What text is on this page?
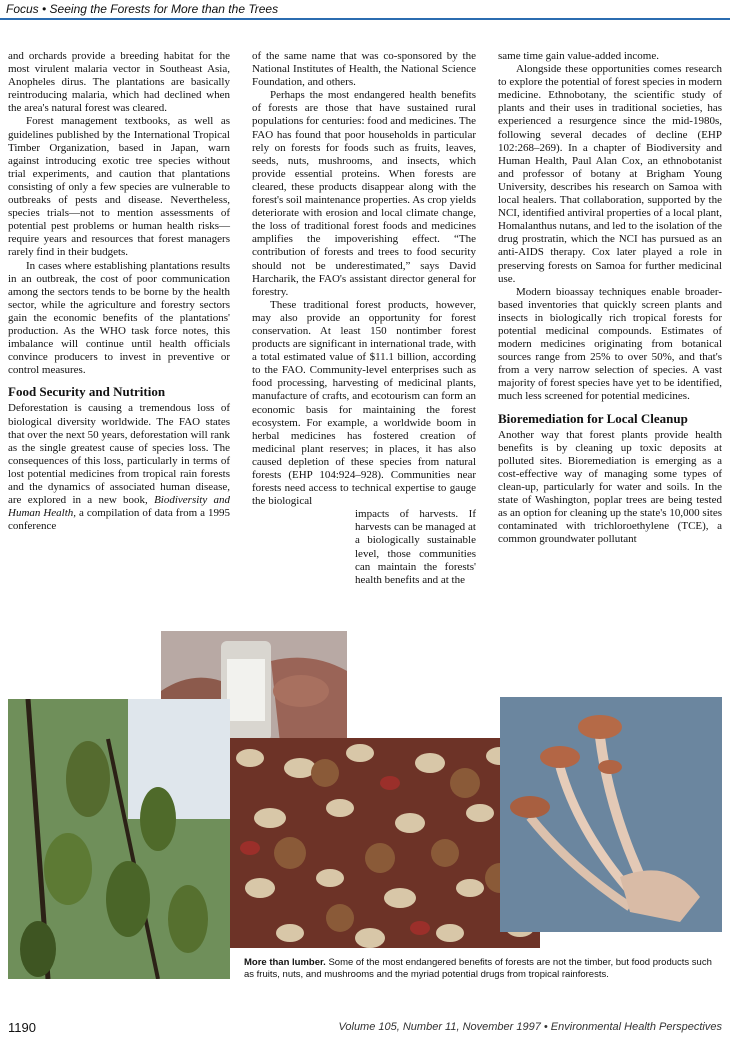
Focus • Seeing the Forests for More than the Trees

and orchards provide a breeding habitat for the most virulent malaria vector in Southeast Asia, Anopheles dirus. The plantations are basically reintroducing malaria, which had declined when the area's natural forest was cleared.

Forest management textbooks, as well as guidelines published by the International Tropical Timber Organization, based in Japan, warn against introducing exotic tree species without trial experiments, and caution that plantations consisting of only a few species are vulnerable to outbreaks of pests and disease. Nevertheless, species trials—not to mention assessments of potential pest problems or human health risks—require years and resources that forest managers rarely find in their budgets.

In cases where establishing plantations results in an outbreak, the cost of poor communication among the sectors tends to be borne by the health sector, while the agriculture and forestry sectors gain the economic benefits of the plantations' production. As the WHO task force notes, this imbalance will continue until health officials convince producers to invest in preventive or control measures.

Food Security and Nutrition

Deforestation is causing a tremendous loss of biological diversity worldwide. The FAO states that over the next 50 years, deforestation will rank as the single greatest cause of species loss. The consequences of this loss, particularly in terms of lost potential medicines from tropical rain forests and the dynamics of associated human disease, are explored in a new book, Biodiversity and Human Health, a compilation of data from a 1995 conference

of the same name that was co-sponsored by the National Institutes of Health, the National Science Foundation, and others.

Perhaps the most endangered health benefits of forests are those that have sustained rural populations for centuries: food and medicines. The FAO has found that poor households in particular rely on forests for foods such as fruits, leaves, seeds, nuts, mushrooms, and insects, which provide essential proteins. When forests are cleared, these products disappear along with the forest's soil maintenance properties. As crop yields deteriorate with erosion and local climate change, the loss of traditional forest foods and medicines amplifies the impoverishing effect. “The contribution of forests and trees to food security should not be underestimated,” says David Harcharik, the FAO's assistant director general for forestry.

These traditional forest products, however, may also provide an opportunity for forest conservation. At least 150 nontimber forest products are significant in international trade, with a total estimated value of $11.1 billion, according to the FAO. Community-level enterprises such as food processing, harvesting of medicinal plants, manufacture of crafts, and ecotourism can form an economic basis for maintaining the forest ecosystem. For example, a worldwide boom in herbal medicines has fostered creation of medicinal plant reserves; in places, it has also caused depletion of these species from natural forests (EHP 104:924–928). Communities near forests need access to technical expertise to gauge the biological

impacts of harvests. If harvests can be managed at a biologically sustainable level, those communities can maintain the forests' health benefits and at the

same time gain value-added income.

Alongside these opportunities comes research to explore the potential of forest species in modern medicine. Ethnobotany, the scientific study of plants and their uses in traditional societies, has experienced a resurgence since the mid-1980s, following several decades of decline (EHP 102:268–269). In a chapter of Biodiversity and Human Health, Paul Alan Cox, an ethnobotanist and professor of botany at Brigham Young University, describes his research on Samoa with local healers. That collaboration, supported by the NCI, identified antiviral properties of a local plant, Homalanthus nutans, and led to the isolation of the drug prostratin, which the NCI has pursued as an anti-AIDS therapy. Cox later played a role in preserving forests on Samoa for further medicinal use.

Modern bioassay techniques enable broader-based inventories that quickly screen plants and insects in biologically rich tropical forests for potential medicinal compounds. Estimates of modern medicines originating from botanical sources range from 25% to over 50%, and that's from a very narrow selection of species. A vast majority of forest species have yet to be identified, much less screened for potential medicines.

Bioremediation for Local Cleanup

Another way that forest plants provide health benefits is by cleaning up toxic deposits at polluted sites. Bioremediation is emerging as a cost-effective way of managing some types of clean-up, particularly for water and soils. In the state of Washington, poplar trees are being tested as an option for cleaning up the state's 10,000 sites contaminated with trichloroethylene (TCE), a common groundwater pollutant

More than lumber. Some of the most endangered benefits of forests are not the timber, but food products such as fruits, nuts, and mushrooms and the myriad potential drugs from tropical rainforests.
1190	Volume 105, Number 11, November 1997 • Environmental Health Perspectives
